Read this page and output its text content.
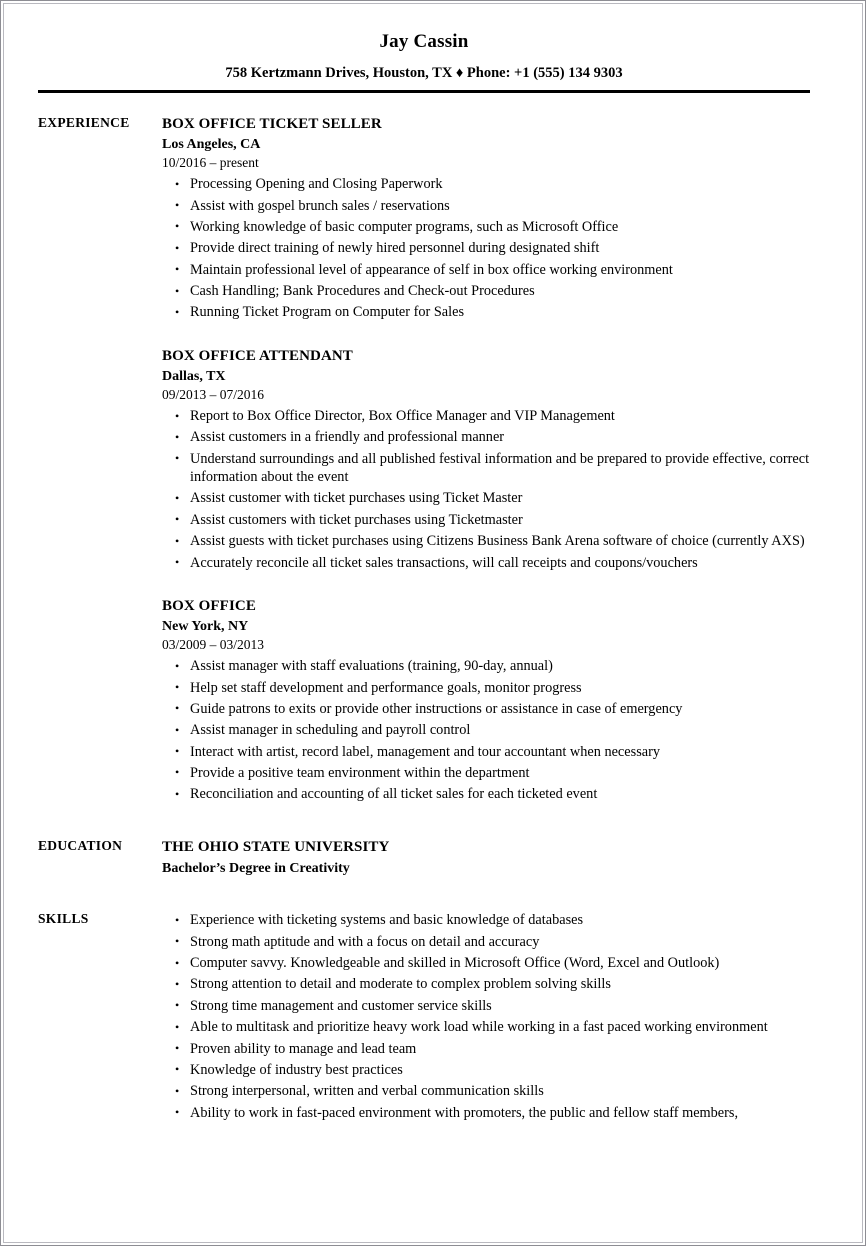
Jay Cassin
758 Kertzmann Drives, Houston, TX ♦ Phone: +1 (555) 134 9303
EXPERIENCE	BOX OFFICE TICKET SELLER
Los Angeles, CA
10/2016 – present
• Processing Opening and Closing Paperwork
• Assist with gospel brunch sales / reservations
• Working knowledge of basic computer programs, such as Microsoft Office
• Provide direct training of newly hired personnel during designated shift
• Maintain professional level of appearance of self in box office working environment
• Cash Handling; Bank Procedures and Check-out Procedures
• Running Ticket Program on Computer for Sales
BOX OFFICE ATTENDANT
Dallas, TX
09/2013 – 07/2016
• Report to Box Office Director, Box Office Manager and VIP Management
• Assist customers in a friendly and professional manner
• Understand surroundings and all published festival information and be prepared to provide effective, correct information about the event
• Assist customer with ticket purchases using Ticket Master
• Assist customers with ticket purchases using Ticketmaster
• Assist guests with ticket purchases using Citizens Business Bank Arena software of choice (currently AXS)
• Accurately reconcile all ticket sales transactions, will call receipts and coupons/vouchers
BOX OFFICE
New York, NY
03/2009 – 03/2013
• Assist manager with staff evaluations (training, 90-day, annual)
• Help set staff development and performance goals, monitor progress
• Guide patrons to exits or provide other instructions or assistance in case of emergency
• Assist manager in scheduling and payroll control
• Interact with artist, record label, management and tour accountant when necessary
• Provide a positive team environment within the department
• Reconciliation and accounting of all ticket sales for each ticketed event
EDUCATION	THE OHIO STATE UNIVERSITY
Bachelor’s Degree in Creativity
SKILLS	• Experience with ticketing systems and basic knowledge of databases
• Strong math aptitude and with a focus on detail and accuracy
• Computer savvy. Knowledgeable and skilled in Microsoft Office (Word, Excel and Outlook)
• Strong attention to detail and moderate to complex problem solving skills
• Strong time management and customer service skills
• Able to multitask and prioritize heavy work load while working in a fast paced working environment
• Proven ability to manage and lead team
• Knowledge of industry best practices
• Strong interpersonal, written and verbal communication skills
• Ability to work in fast-paced environment with promoters, the public and fellow staff members,
